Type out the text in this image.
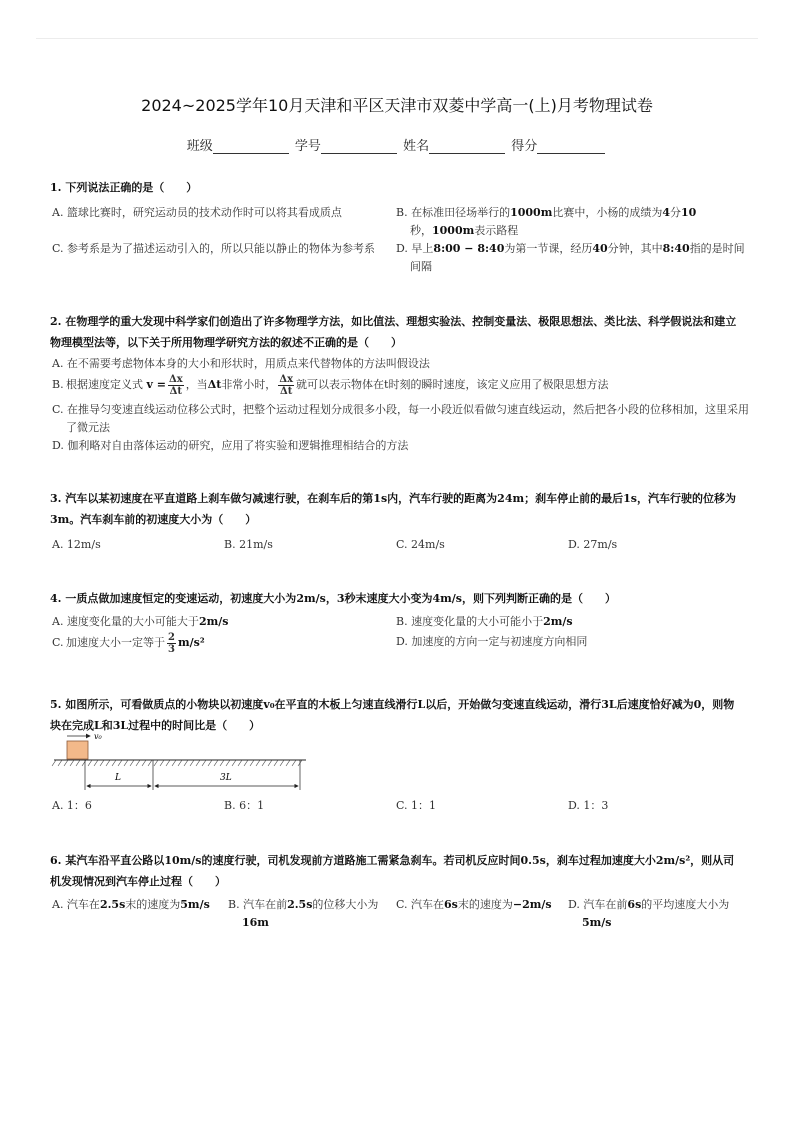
2024~2025学年10月天津和平区天津市双菱中学高一(上)月考物理试卷
班级	学号	姓名	得分
1. 下列说法正确的是（　　）
A. 篮球比赛时，研究运动员的技术动作时可以将其看成质点	B. 在标准田径场举行的1000m比赛中，小杨的成绩为4分10
秒，1000m表示路程
C. 参考系是为了描述运动引入的，所以只能以静止的物体为参考系	D. 早上8:00 − 8:40为第一节课，经历40分钟，其中8:40指的是时间间隔
2. 在物理学的重大发现中科学家们创造出了许多物理学方法，如比值法、理想实验法、控制变量法、极限思想法、类比法、科学假说法和建立物理模型法等，以下关于所用物理学研究方法的叙述不正确的是（　　）
A. 在不需要考虑物体本身的大小和形状时，用质点来代替物体的方法叫假设法
B. 根据速度定义式 $v = \frac{\Delta x}{\Delta t}$ ，当Δt非常小时， $\frac{\Delta x}{\Delta t}$ 就可以表示物体在t时刻的瞬时速度，该定义应用了极限思想方法
C. 在推导匀变速直线运动位移公式时，把整个运动过程划分成很多小段，每一小段近似看做匀速直线运动，然后把各小段的位移相加，这里采用了微元法
D. 伽利略对自由落体运动的研究，应用了将实验和逻辑推理相结合的方法
3. 汽车以某初速度在平直道路上刹车做匀减速行驶，在刹车后的第1s内，汽车行驶的距离为24m；刹车停止前的最后1s，汽车行驶的位移为3m。汽车刹车前的初速度大小为（　　）
A. 12m/s	B. 21m/s	C. 24m/s	D. 27m/s
4. 一质点做加速度恒定的变速运动，初速度大小为2m/s，3秒末速度大小变为4m/s，则下列判断正确的是（　　）
A. 速度变化量的大小可能大于2m/s	B. 速度变化量的大小可能小于2m/s
C. 加速度大小一定等于 $\frac{2}{3} m/s^2$	D. 加速度的方向一定与初速度方向相同
5. 如图所示，可看做质点的小物块以初速度v₀在平直的木板上匀速直线滑行L以后，开始做匀变速直线运动，滑行3L后速度恰好减为0，则物块在完成L和3L过程中的时间比是（　　）
v₀
L	3L
A. 1：6	B. 6：1	C. 1：1	D. 1：3
6. 某汽车沿平直公路以10m/s的速度行驶，司机发现前方道路施工需紧急刹车。若司机反应时间0.5s，刹车过程加速度大小2m/s²，则从司机发现情况到汽车停止过程（　　）
A. 汽车在2.5s末的速度为5m/s	B. 汽车在前2.5s的位移大小为
16m
C. 汽车在6s末的速度为−2m/s	D. 汽车在前6s的平均速度大小为
5m/s
